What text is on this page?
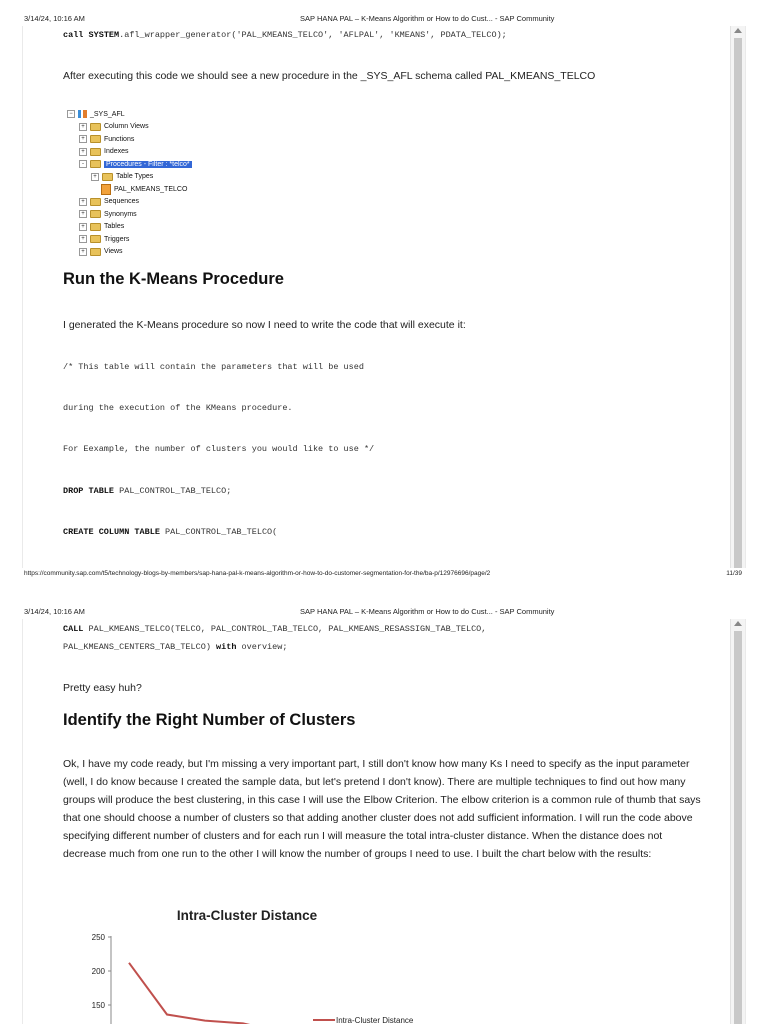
3/14/24, 10:16 AM	SAP HANA PAL – K-Means Algorithm or How to do Cust... - SAP Community
call SYSTEM.afl_wrapper_generator('PAL_KMEANS_TELCO', 'AFLPAL', 'KMEANS', PDATA_TELCO);
After executing this code we should see a new procedure in the _SYS_AFL schema called PAL_KMEANS_TELCO
−	_SYS_AFL
+	Column Views
+	Functions
+	Indexes
-	Procedures - Filter : *telco*
+	Table Types
PAL_KMEANS_TELCO
+	Sequences
+	Synonyms
+	Tables
+	Triggers
+	Views
Run the K-Means Procedure
I generated the K-Means procedure so now I need to write the code that will execute it:
/* This table will contain the parameters that will be used
during the execution of the KMeans procedure.
For Eexample, the number of clusters you would like to use */
DROP TABLE PAL_CONTROL_TAB_TELCO;
CREATE COLUMN TABLE PAL_CONTROL_TAB_TELCO(
https://community.sap.com/t5/technology-blogs-by-members/sap-hana-pal-k-means-algorithm-or-how-to-do-customer-segmentation-for-the/ba-p/12976696/page/2	11/39
3/14/24, 10:16 AM	SAP HANA PAL – K-Means Algorithm or How to do Cust... - SAP Community
CALL PAL_KMEANS_TELCO(TELCO, PAL_CONTROL_TAB_TELCO, PAL_KMEANS_RESASSIGN_TAB_TELCO,
PAL_KMEANS_CENTERS_TAB_TELCO) with overview;
Pretty easy huh?
Identify the Right Number of Clusters
Ok, I have my code ready, but I'm missing a very important part, I still don't know how many Ks I need to specify as the input parameter (well, I do know because I created the sample data, but let's pretend I don't know). There are multiple techniques to find out how many groups will produce the best clustering, in this case I will use the Elbow Criterion. The elbow criterion is a common rule of thumb that says that one should choose a number of clusters so that adding another cluster does not add sufficient information. I will run the code above specifying different number of clusters and for each run I will measure the total intra-cluster distance. When the distance does not decrease much from one run to the other I will know the number of groups I need to use. I built the chart below with the results:
Intra-Cluster Distance
250
200
150
Intra-Cluster Distance
